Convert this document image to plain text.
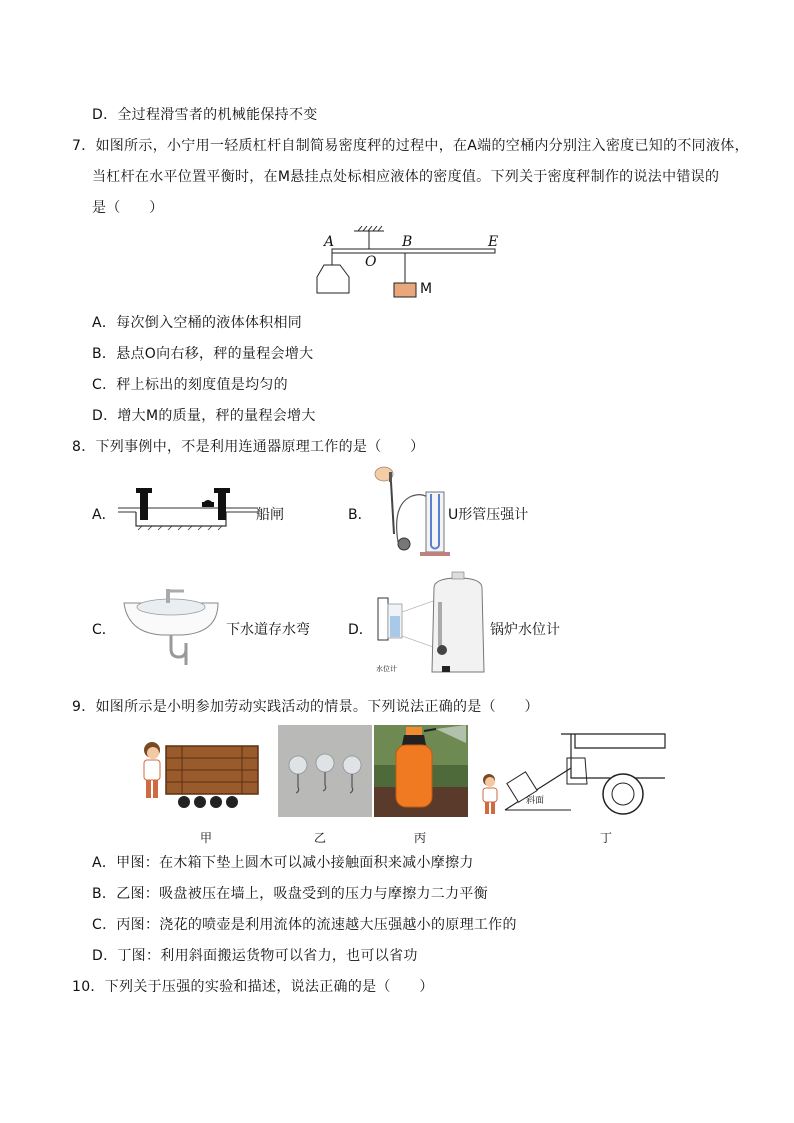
D．全过程滑雪者的机械能保持不变
7．如图所示，小宁用一轻质杠杆自制简易密度秤的过程中，在A端的空桶内分别注入密度已知的不同液体，
当杠杆在水平位置平衡时，在M悬挂点处标相应液体的密度值。下列关于密度秤制作的说法中错误的
是（　　）
A
O
B	E
M
A．每次倒入空桶的液体体积相同
B．悬点O向右移，秤的量程会增大
C．秤上标出的刻度值是均匀的
D．增大M的质量，秤的量程会增大
8．下列事例中，不是利用连通器原理工作的是（　　）
A．	船闸	B．	U形管压强计
C．	下水道存水弯	D．
水位计
锅炉水位计
9．如图所示是小明参加劳动实践活动的情景。下列说法正确的是（　　）
斜面
甲	乙	丙	丁
A．甲图：在木箱下垫上圆木可以减小接触面积来减小摩擦力
B．乙图：吸盘被压在墙上，吸盘受到的压力与摩擦力二力平衡
C．丙图：浇花的喷壶是利用流体的流速越大压强越小的原理工作的
D．丁图：利用斜面搬运货物可以省力，也可以省功
10．下列关于压强的实验和描述，说法正确的是（　　）
